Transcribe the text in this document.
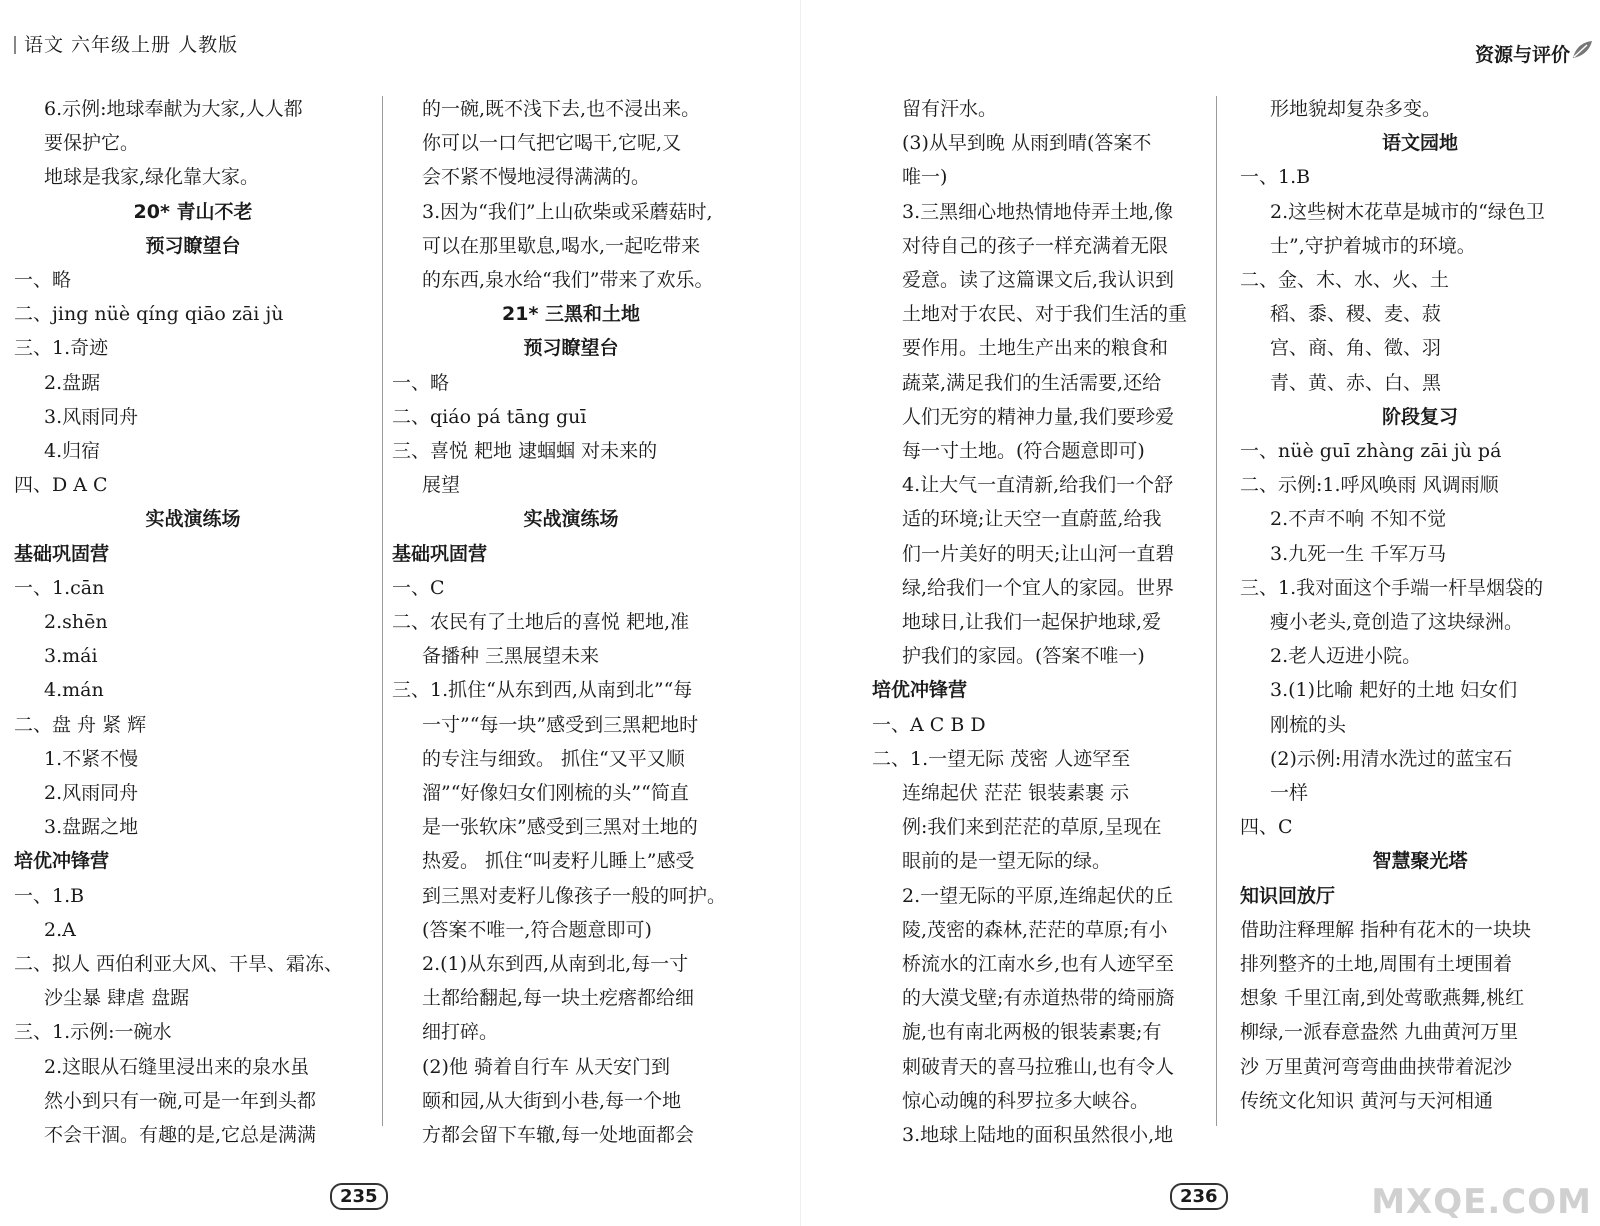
语文 六年级上册 人教版	资源与评价
6.示例:地球奉献为大家,人人都
要保护它。
地球是我家,绿化靠大家。
20* 青山不老
预习瞭望台
一、略
二、jing nüè qíng qiāo zāi jù
三、1.奇迹
2.盘踞
3.风雨同舟
4.归宿
四、D A C
实战演练场
基础巩固营
一、1.cān
2.shēn
3.mái
4.mán
二、盘 舟 紧 辉
1.不紧不慢
2.风雨同舟
3.盘踞之地
培优冲锋营
一、1.B
2.A
二、拟人 西伯利亚大风、干旱、霜冻、
沙尘暴 肆虐 盘踞
三、1.示例:一碗水
2.这眼从石缝里浸出来的泉水虽
然小到只有一碗,可是一年到头都
不会干涸。有趣的是,它总是满满
的一碗,既不浅下去,也不浸出来。
你可以一口气把它喝干,它呢,又
会不紧不慢地浸得满满的。
3.因为“我们”上山砍柴或采蘑菇时,
可以在那里歇息,喝水,一起吃带来
的东西,泉水给“我们”带来了欢乐。
21* 三黑和土地
预习瞭望台
一、略
二、qiáo pá tāng guī
三、喜悦 耙地 逮蝈蝈 对未来的
展望
实战演练场
基础巩固营
一、C
二、农民有了土地后的喜悦 耙地,准
备播种 三黑展望未来
三、1.抓住“从东到西,从南到北”“每
一寸”“每一块”感受到三黑耙地时
的专注与细致。 抓住“又平又顺
溜”“好像妇女们刚梳的头”“简直
是一张软床”感受到三黑对土地的
热爱。 抓住“叫麦籽儿睡上”感受
到三黑对麦籽儿像孩子一般的呵护。
(答案不唯一,符合题意即可)
2.(1)从东到西,从南到北,每一寸
土都给翻起,每一块土疙瘩都给细
细打碎。
(2)他 骑着自行车 从天安门到
颐和园,从大街到小巷,每一个地
方都会留下车辙,每一处地面都会
留有汗水。
(3)从早到晚 从雨到晴(答案不
唯一)
3.三黑细心地热情地侍弄土地,像
对待自己的孩子一样充满着无限
爱意。读了这篇课文后,我认识到
土地对于农民、对于我们生活的重
要作用。土地生产出来的粮食和
蔬菜,满足我们的生活需要,还给
人们无穷的精神力量,我们要珍爱
每一寸土地。(符合题意即可)
4.让大气一直清新,给我们一个舒
适的环境;让天空一直蔚蓝,给我
们一片美好的明天;让山河一直碧
绿,给我们一个宜人的家园。世界
地球日,让我们一起保护地球,爱
护我们的家园。(答案不唯一)
培优冲锋营
一、A C B D
二、1.一望无际 茂密 人迹罕至
连绵起伏 茫茫 银装素裹 示
例:我们来到茫茫的草原,呈现在
眼前的是一望无际的绿。
2.一望无际的平原,连绵起伏的丘
陵,茂密的森林,茫茫的草原;有小
桥流水的江南水乡,也有人迹罕至
的大漠戈壁;有赤道热带的绮丽旖
旎,也有南北两极的银装素裹;有
刺破青天的喜马拉雅山,也有令人
惊心动魄的科罗拉多大峡谷。
3.地球上陆地的面积虽然很小,地
形地貌却复杂多变。
语文园地
一、1.B
2.这些树木花草是城市的“绿色卫
士”,守护着城市的环境。
二、金、木、水、火、土
稻、黍、稷、麦、菽
宫、商、角、徵、羽
青、黄、赤、白、黑
阶段复习
一、nüè guī zhàng zāi jù pá
二、示例:1.呼风唤雨 风调雨顺
2.不声不响 不知不觉
3.九死一生 千军万马
三、1.我对面这个手端一杆旱烟袋的
瘦小老头,竟创造了这块绿洲。
2.老人迈进小院。
3.(1)比喻 耙好的土地 妇女们
刚梳的头
(2)示例:用清水洗过的蓝宝石
一样
四、C
智慧聚光塔
知识回放厅
借助注释理解 指种有花木的一块块
排列整齐的土地,周围有土埂围着
想象 千里江南,到处莺歌燕舞,桃红
柳绿,一派春意盎然 九曲黄河万里
沙 万里黄河弯弯曲曲挟带着泥沙
传统文化知识 黄河与天河相通
235	236	MXQE.COM
